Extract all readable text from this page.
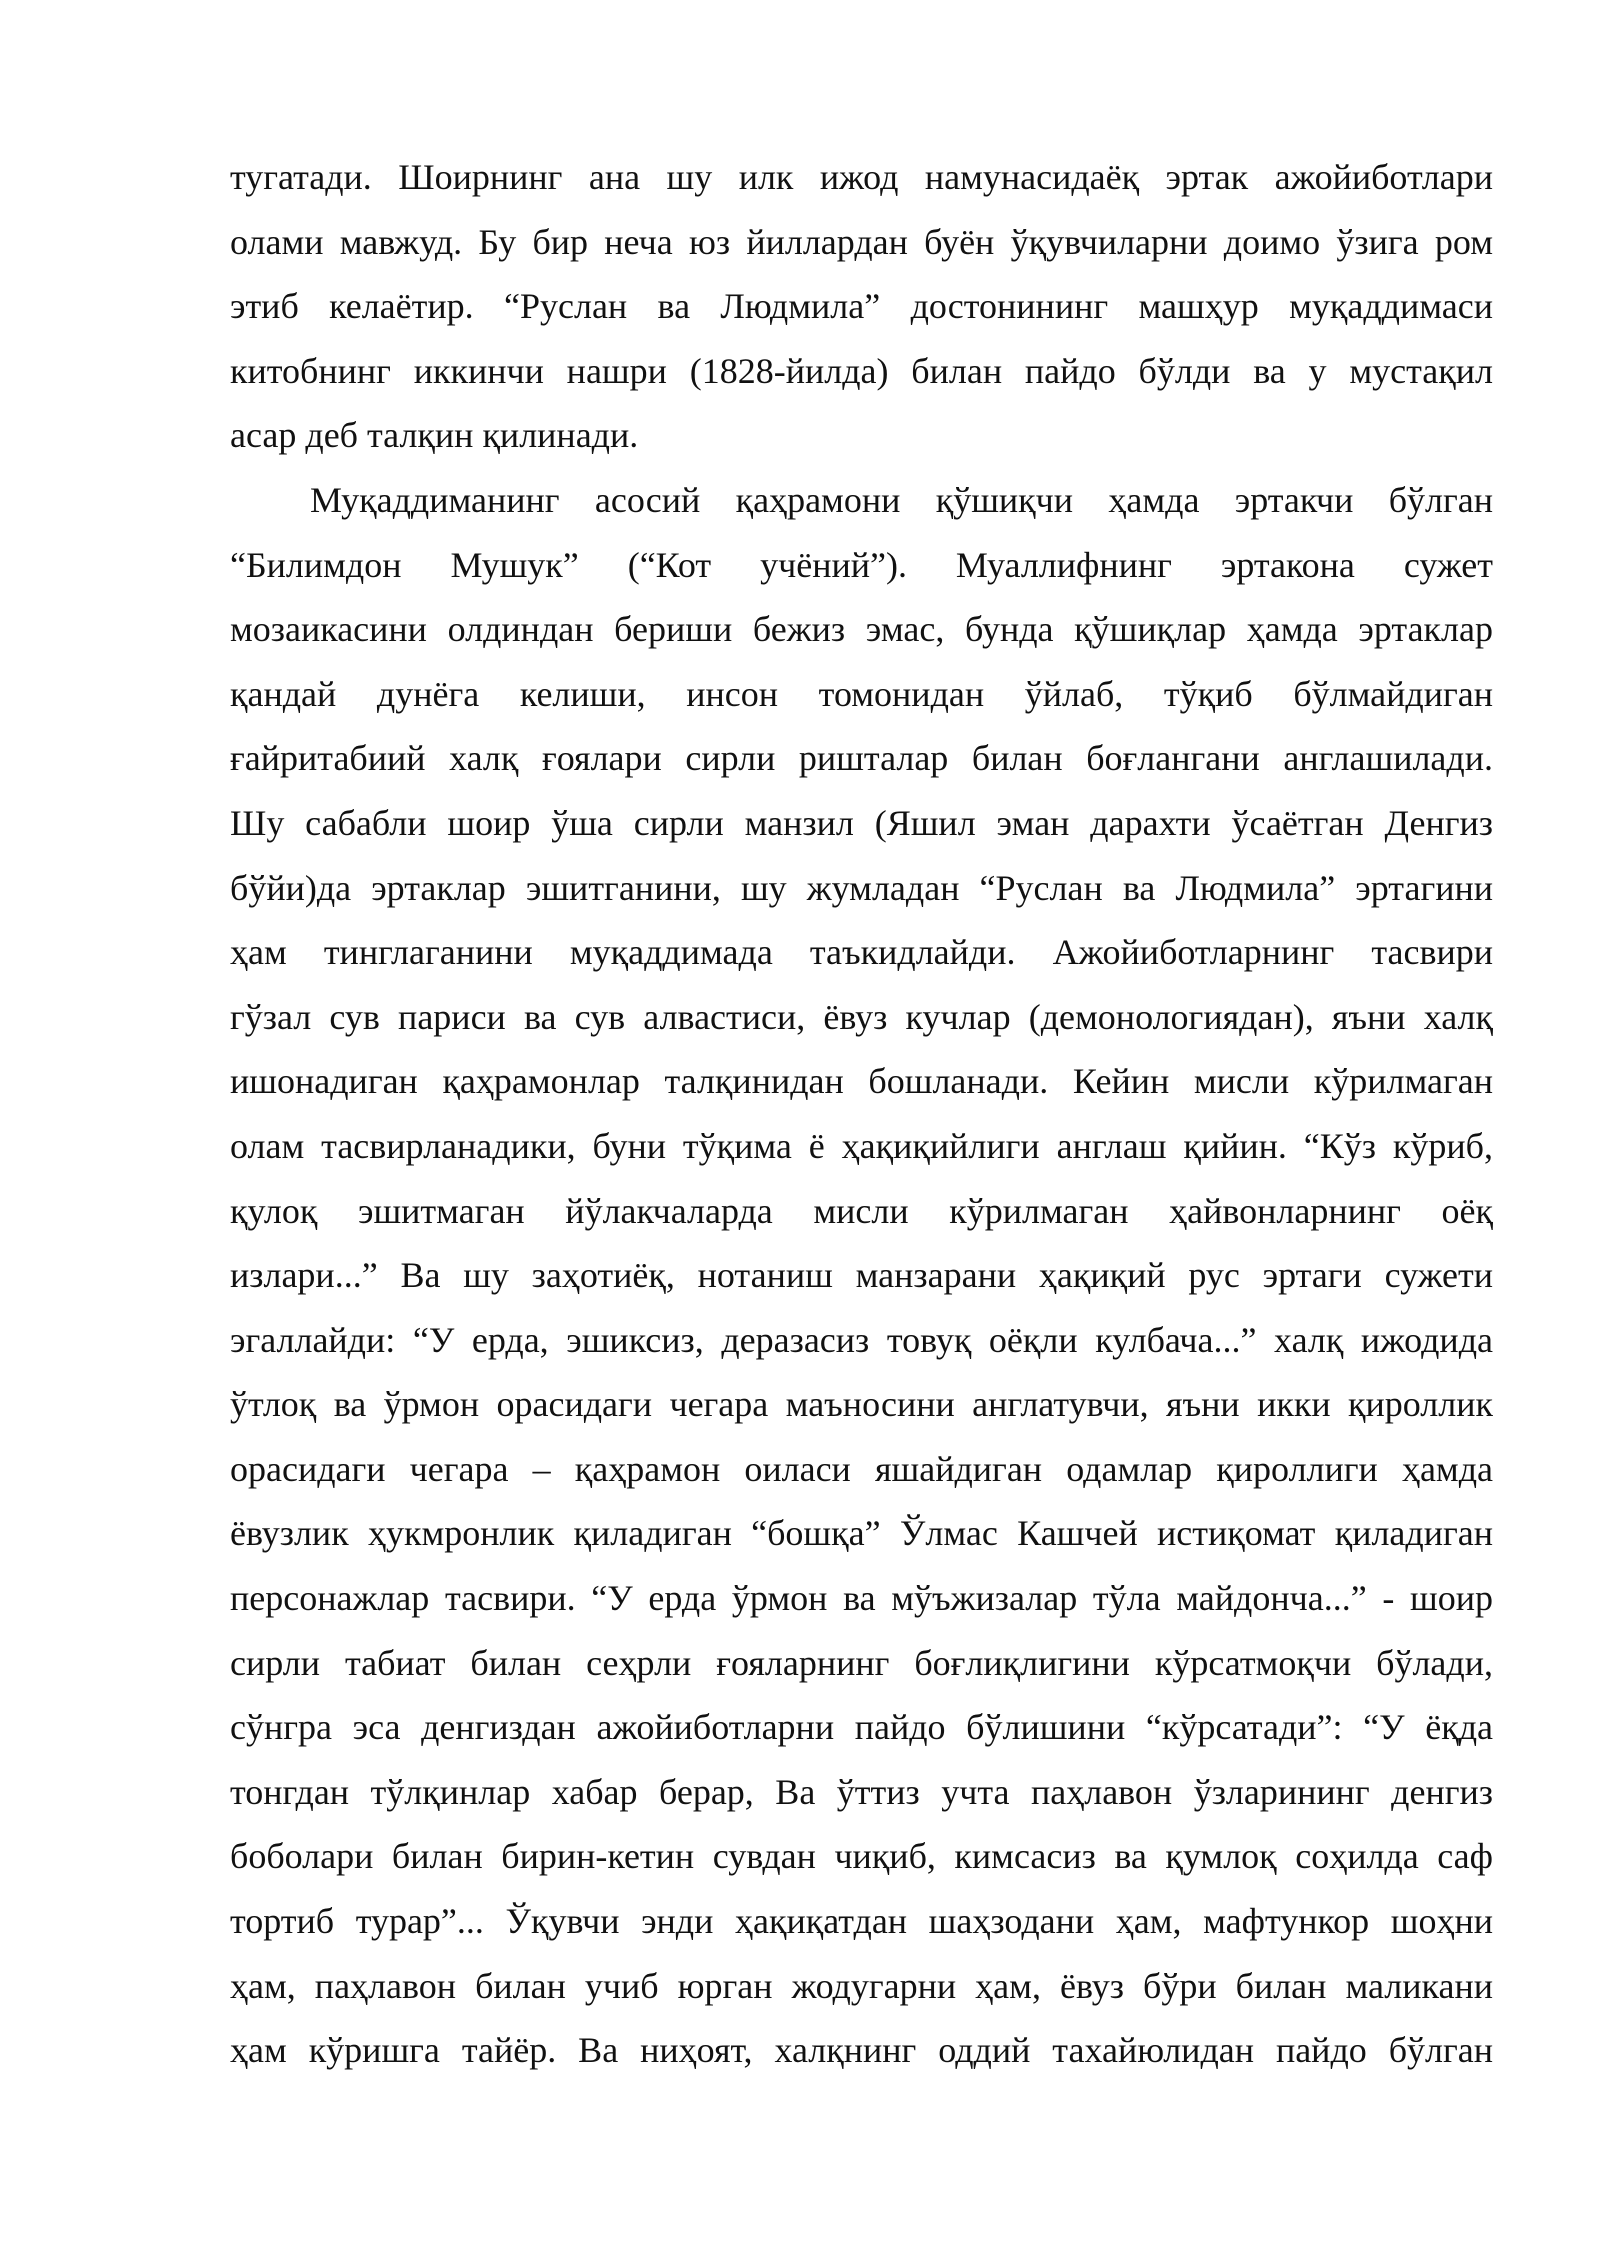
тугатади. Шоирнинг ана шу илк ижод намунасидаёқ эртак ажойиботлари
олами мавжуд. Бу бир неча юз йиллардан буён ўқувчиларни доимо ўзига ром
этиб келаётир. “Руслан ва Людмила” достонининг машҳур муқаддимаси
китобнинг иккинчи нашри (1828-йилда) билан пайдо бўлди ва у мустақил
асар деб талқин қилинади.
Муқаддиманинг асосий қаҳрамони қўшиқчи ҳамда эртакчи бўлган
“Билимдон Мушук” (“Кот учёний”). Муаллифнинг эртакона сужет
мозаикасини олдиндан бериши бежиз эмас, бунда қўшиқлар ҳамда эртаклар
қандай дунёга келиши, инсон томонидан ўйлаб, тўқиб бўлмайдиган
ғайритабиий халқ ғоялари сирли ришталар билан боғлангани англашилади.
Шу сабабли шоир ўша сирли манзил (Яшил эман дарахти ўсаётган Денгиз
бўйи)да эртаклар эшитганини, шу жумладан “Руслан ва Людмила” эртагини
ҳам тинглаганини муқаддимада таъкидлайди. Ажойиботларнинг тасвири
гўзал сув париси ва сув алвастиси, ёвуз кучлар (демонологиядан), яъни халқ
ишонадиган қаҳрамонлар талқинидан бошланади. Кейин мисли кўрилмаган
олам тасвирланадики, буни тўқима ё ҳақиқийлиги англаш қийин. “Кўз кўриб,
қулоқ эшитмаган йўлакчаларда мисли кўрилмаган ҳайвонларнинг оёқ
излари...” Ва шу заҳотиёқ, нотаниш манзарани ҳақиқий рус эртаги сужети
эгаллайди: “У ерда, эшиксиз, деразасиз товуқ оёқли кулбача...” халқ ижодида
ўтлоқ ва ўрмон орасидаги чегара маъносини англатувчи, яъни икки қироллик
орасидаги чегара – қаҳрамон оиласи яшайдиган одамлар қироллиги ҳамда
ёвузлик ҳукмронлик қиладиган “бошқа” Ўлмас Кашчей истиқомат қиладиган
персонажлар тасвири. “У ерда ўрмон ва мўъжизалар тўла майдонча...” - шоир
сирли табиат билан сеҳрли ғояларнинг боғлиқлигини кўрсатмоқчи бўлади,
сўнгра эса денгиздан ажойиботларни пайдо бўлишини “кўрсатади”: “У ёқда
тонгдан тўлқинлар хабар берар, Ва ўттиз учта паҳлавон ўзларининг денгиз
боболари билан бирин-кетин сувдан чиқиб, кимсасиз ва қумлоқ соҳилда саф
тортиб турар”... Ўқувчи энди ҳақиқатдан шаҳзодани ҳам, мафтункор шоҳни
ҳам, паҳлавон билан учиб юрган жодугарни ҳам, ёвуз бўри билан маликани
ҳам кўришга тайёр. Ва ниҳоят, халқнинг оддий тахайюлидан пайдо бўлган
